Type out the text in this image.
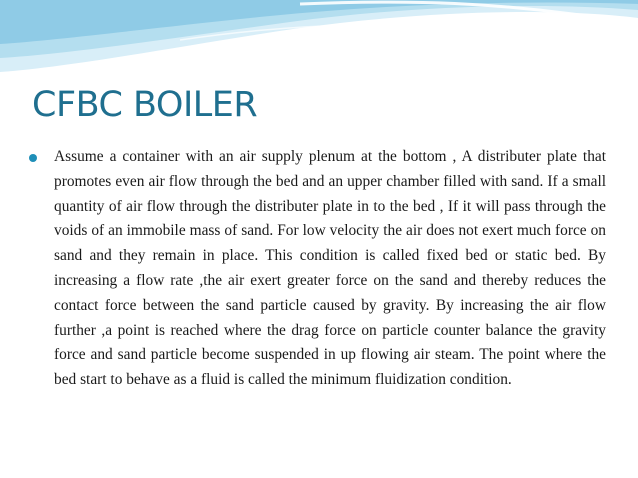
CFBC BOILER
Assume a container with an air supply plenum at the bottom , A distributer plate that promotes even air flow through the bed and an upper chamber filled with sand. If a small quantity of air flow through the distributer plate in to the bed , If it will pass through the voids of an immobile mass of sand. For low velocity the air does not exert much force on sand and they remain in place. This condition is called fixed bed or static bed. By increasing a flow rate ,the air exert greater force on the sand and thereby reduces the contact force between the sand particle caused by gravity. By increasing the air flow further ,a point is reached where the drag force on particle counter balance the gravity force and sand particle become suspended in up flowing air steam. The point where the bed start to behave as a fluid is called the minimum fluidization condition.
